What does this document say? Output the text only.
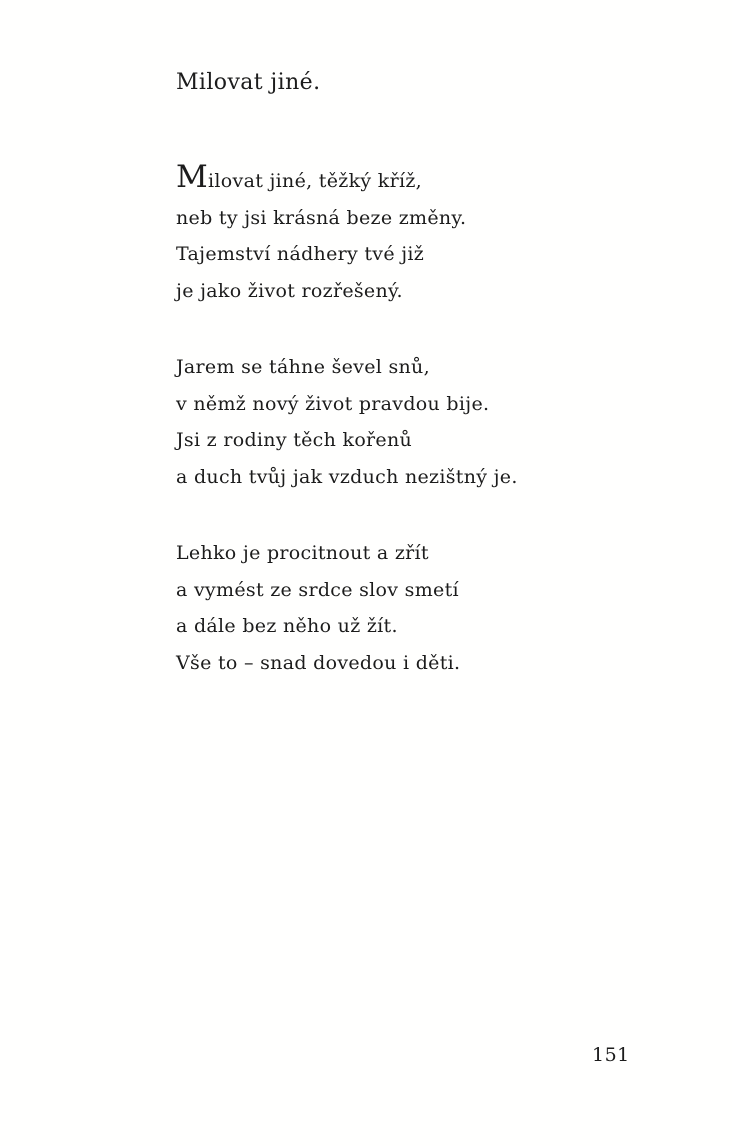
Milovat jiné.

Milovat jiné, těžký kříž,

neb ty jsi krásná beze změny.

Tajemství nádhery tvé již

je jako život rozřešený.

Jarem se táhne ševel snů,

v němž nový život pravdou bije.

Jsi z rodiny těch kořenů

a duch tvůj jak vzduch nezištný je.

Lehko je procitnout a zřít

a vymést ze srdce slov smetí

a dále bez něho už žít.

Vše to – snad dovedou i děti.

151
